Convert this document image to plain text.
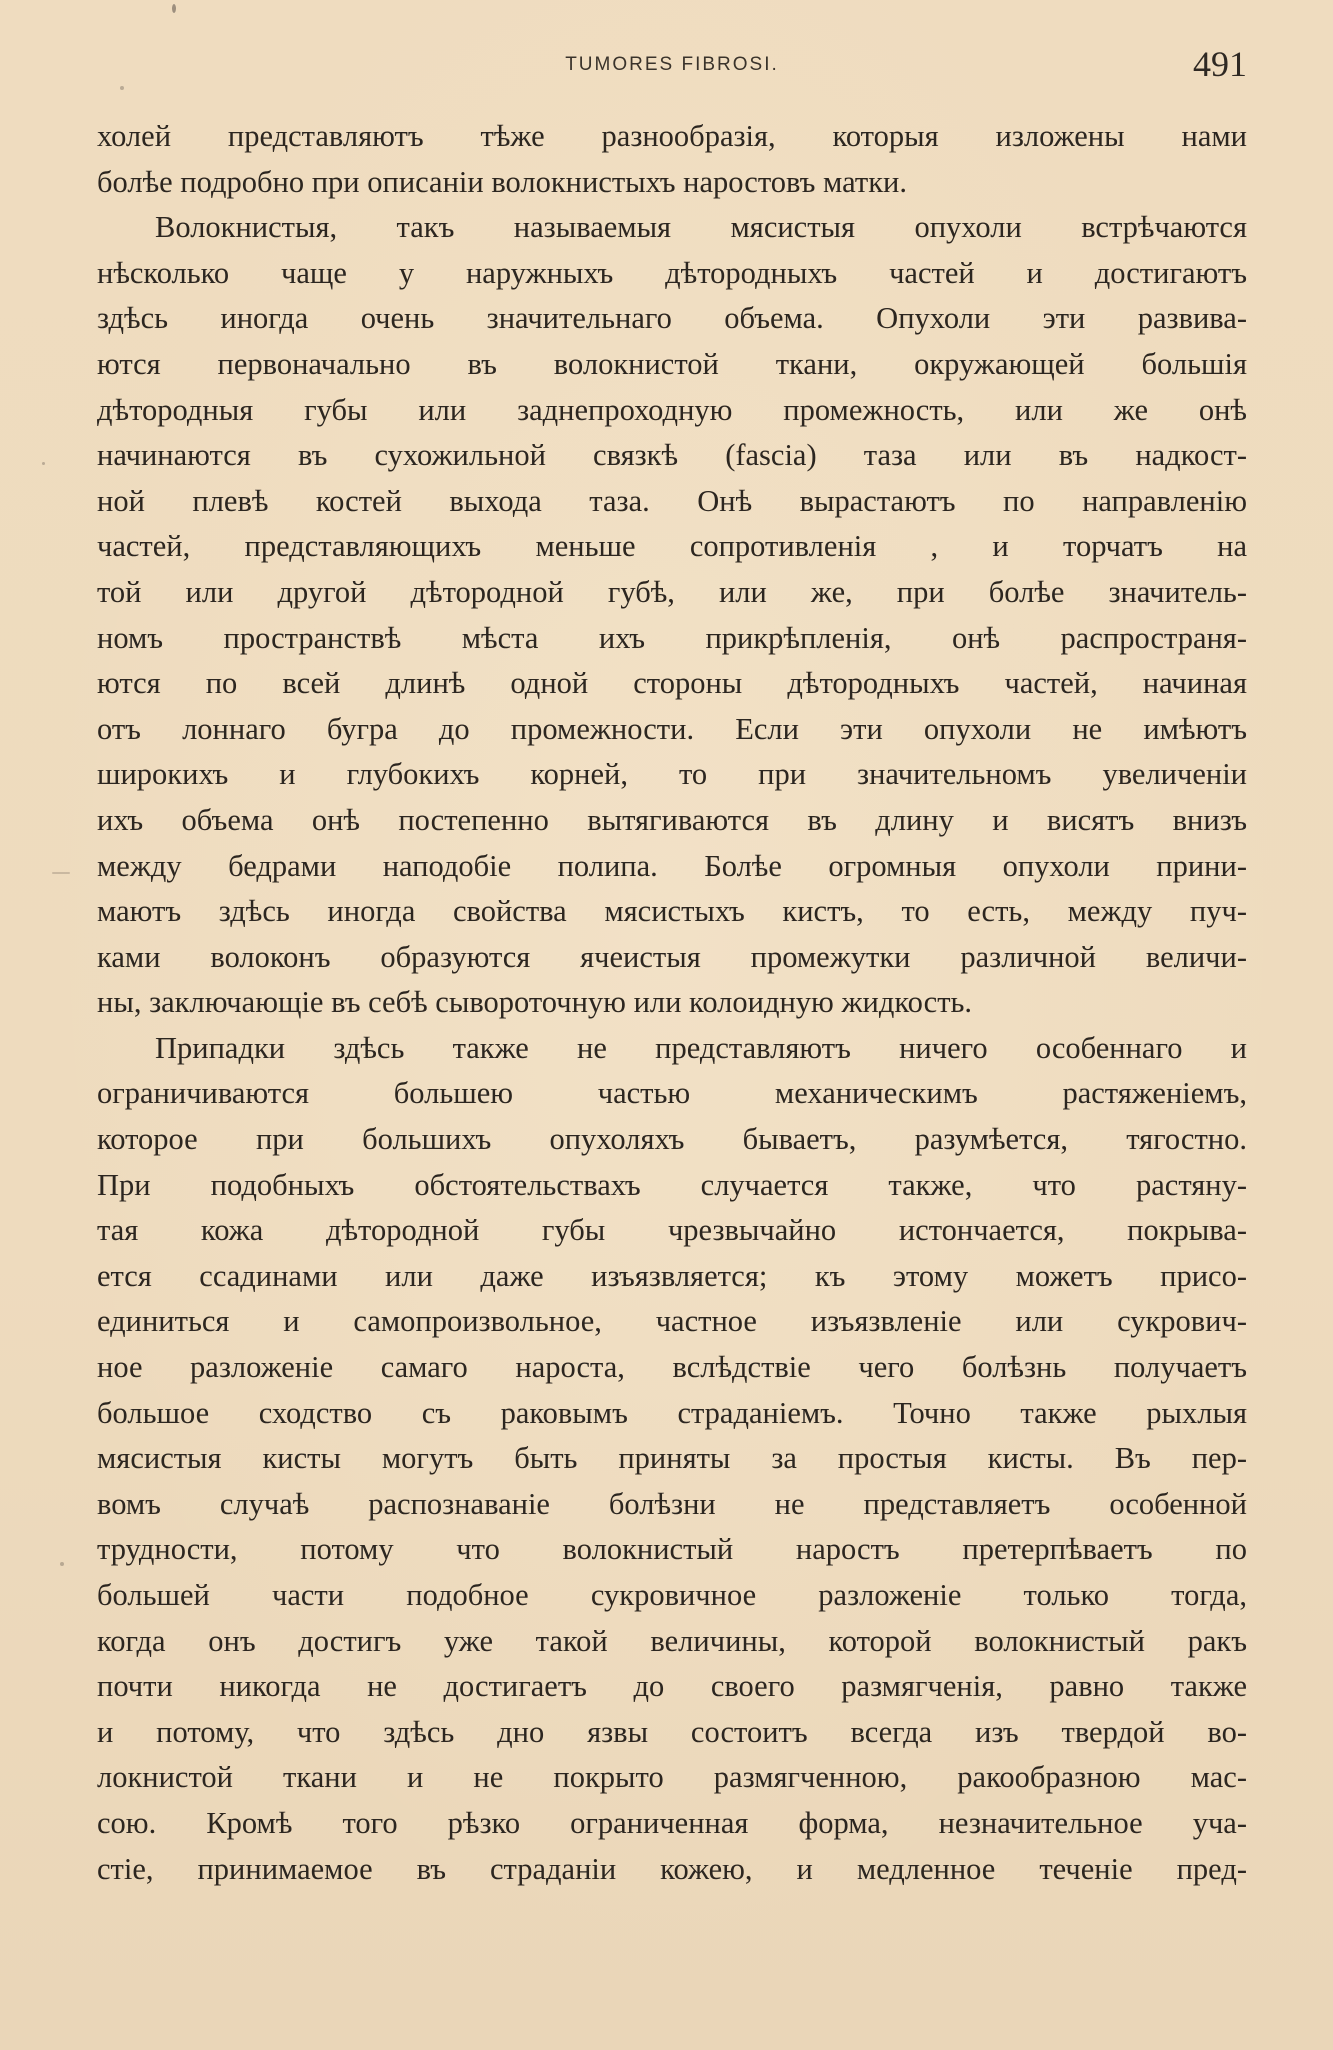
TUMORES FIBROSI.	491
холей представляютъ тѣже разнообразія, которыя изложены нами
болѣе подробно при описаніи волокнистыхъ наростовъ матки.
Волокнистыя, такъ называемыя мясистыя опухоли встрѣчаются
нѣсколько чаще у наружныхъ дѣтородныхъ частей и достигаютъ
здѣсь иногда очень значительнаго объема. Опухоли эти развива-
ются первоначально въ волокнистой ткани, окружающей большія
дѣтородныя губы или заднепроходную промежность, или же онѣ
начинаются въ сухожильной связкѣ (fascia) таза или въ надкост-
ной плевѣ костей выхода таза. Онѣ вырастаютъ по направленію
частей, представляющихъ меньше сопротивленія , и торчатъ на
той или другой дѣтородной губѣ, или же, при болѣе значитель-
номъ пространствѣ мѣста ихъ прикрѣпленія, онѣ распространя-
ются по всей длинѣ одной стороны дѣтородныхъ частей, начиная
отъ лоннаго бугра до промежности. Если эти опухоли не имѣютъ
широкихъ и глубокихъ корней, то при значительномъ увеличеніи
ихъ объема онѣ постепенно вытягиваются въ длину и висятъ внизъ
между бедрами наподобіе полипа. Болѣе огромныя опухоли прини-
маютъ здѣсь иногда свойства мясистыхъ кистъ, то есть, между пуч-
ками волоконъ образуются ячеистыя промежутки различной величи-
ны, заключающіе въ себѣ сывороточную или колоидную жидкость.
Припадки здѣсь также не представляютъ ничего особеннаго и
ограничиваются большею частью механическимъ растяженіемъ,
которое при большихъ опухоляхъ бываетъ, разумѣется, тягостно.
При подобныхъ обстоятельствахъ случается также, что растяну-
тая кожа дѣтородной губы чрезвычайно истончается, покрыва-
ется ссадинами или даже изъязвляется; къ этому можетъ присо-
единиться и самопроизвольное, частное изъязвленіе или сукрович-
ное разложеніе самаго нароста, вслѣдствіе чего болѣзнь получаетъ
большое сходство съ раковымъ страданіемъ. Точно также рыхлыя
мясистыя кисты могутъ быть приняты за простыя кисты. Въ пер-
вомъ случаѣ распознаваніе болѣзни не представляетъ особенной
трудности, потому что волокнистый наростъ претерпѣваетъ по
большей части подобное сукровичное разложеніе только тогда,
когда онъ достигъ уже такой величины, которой волокнистый ракъ
почти никогда не достигаетъ до своего размягченія, равно также
и потому, что здѣсь дно язвы состоитъ всегда изъ твердой во-
локнистой ткани и не покрыто размягченною, ракообразною мас-
сою. Кромѣ того рѣзко ограниченная форма, незначительное уча-
стіе, принимаемое въ страданіи кожею, и медленное теченіе пред-
